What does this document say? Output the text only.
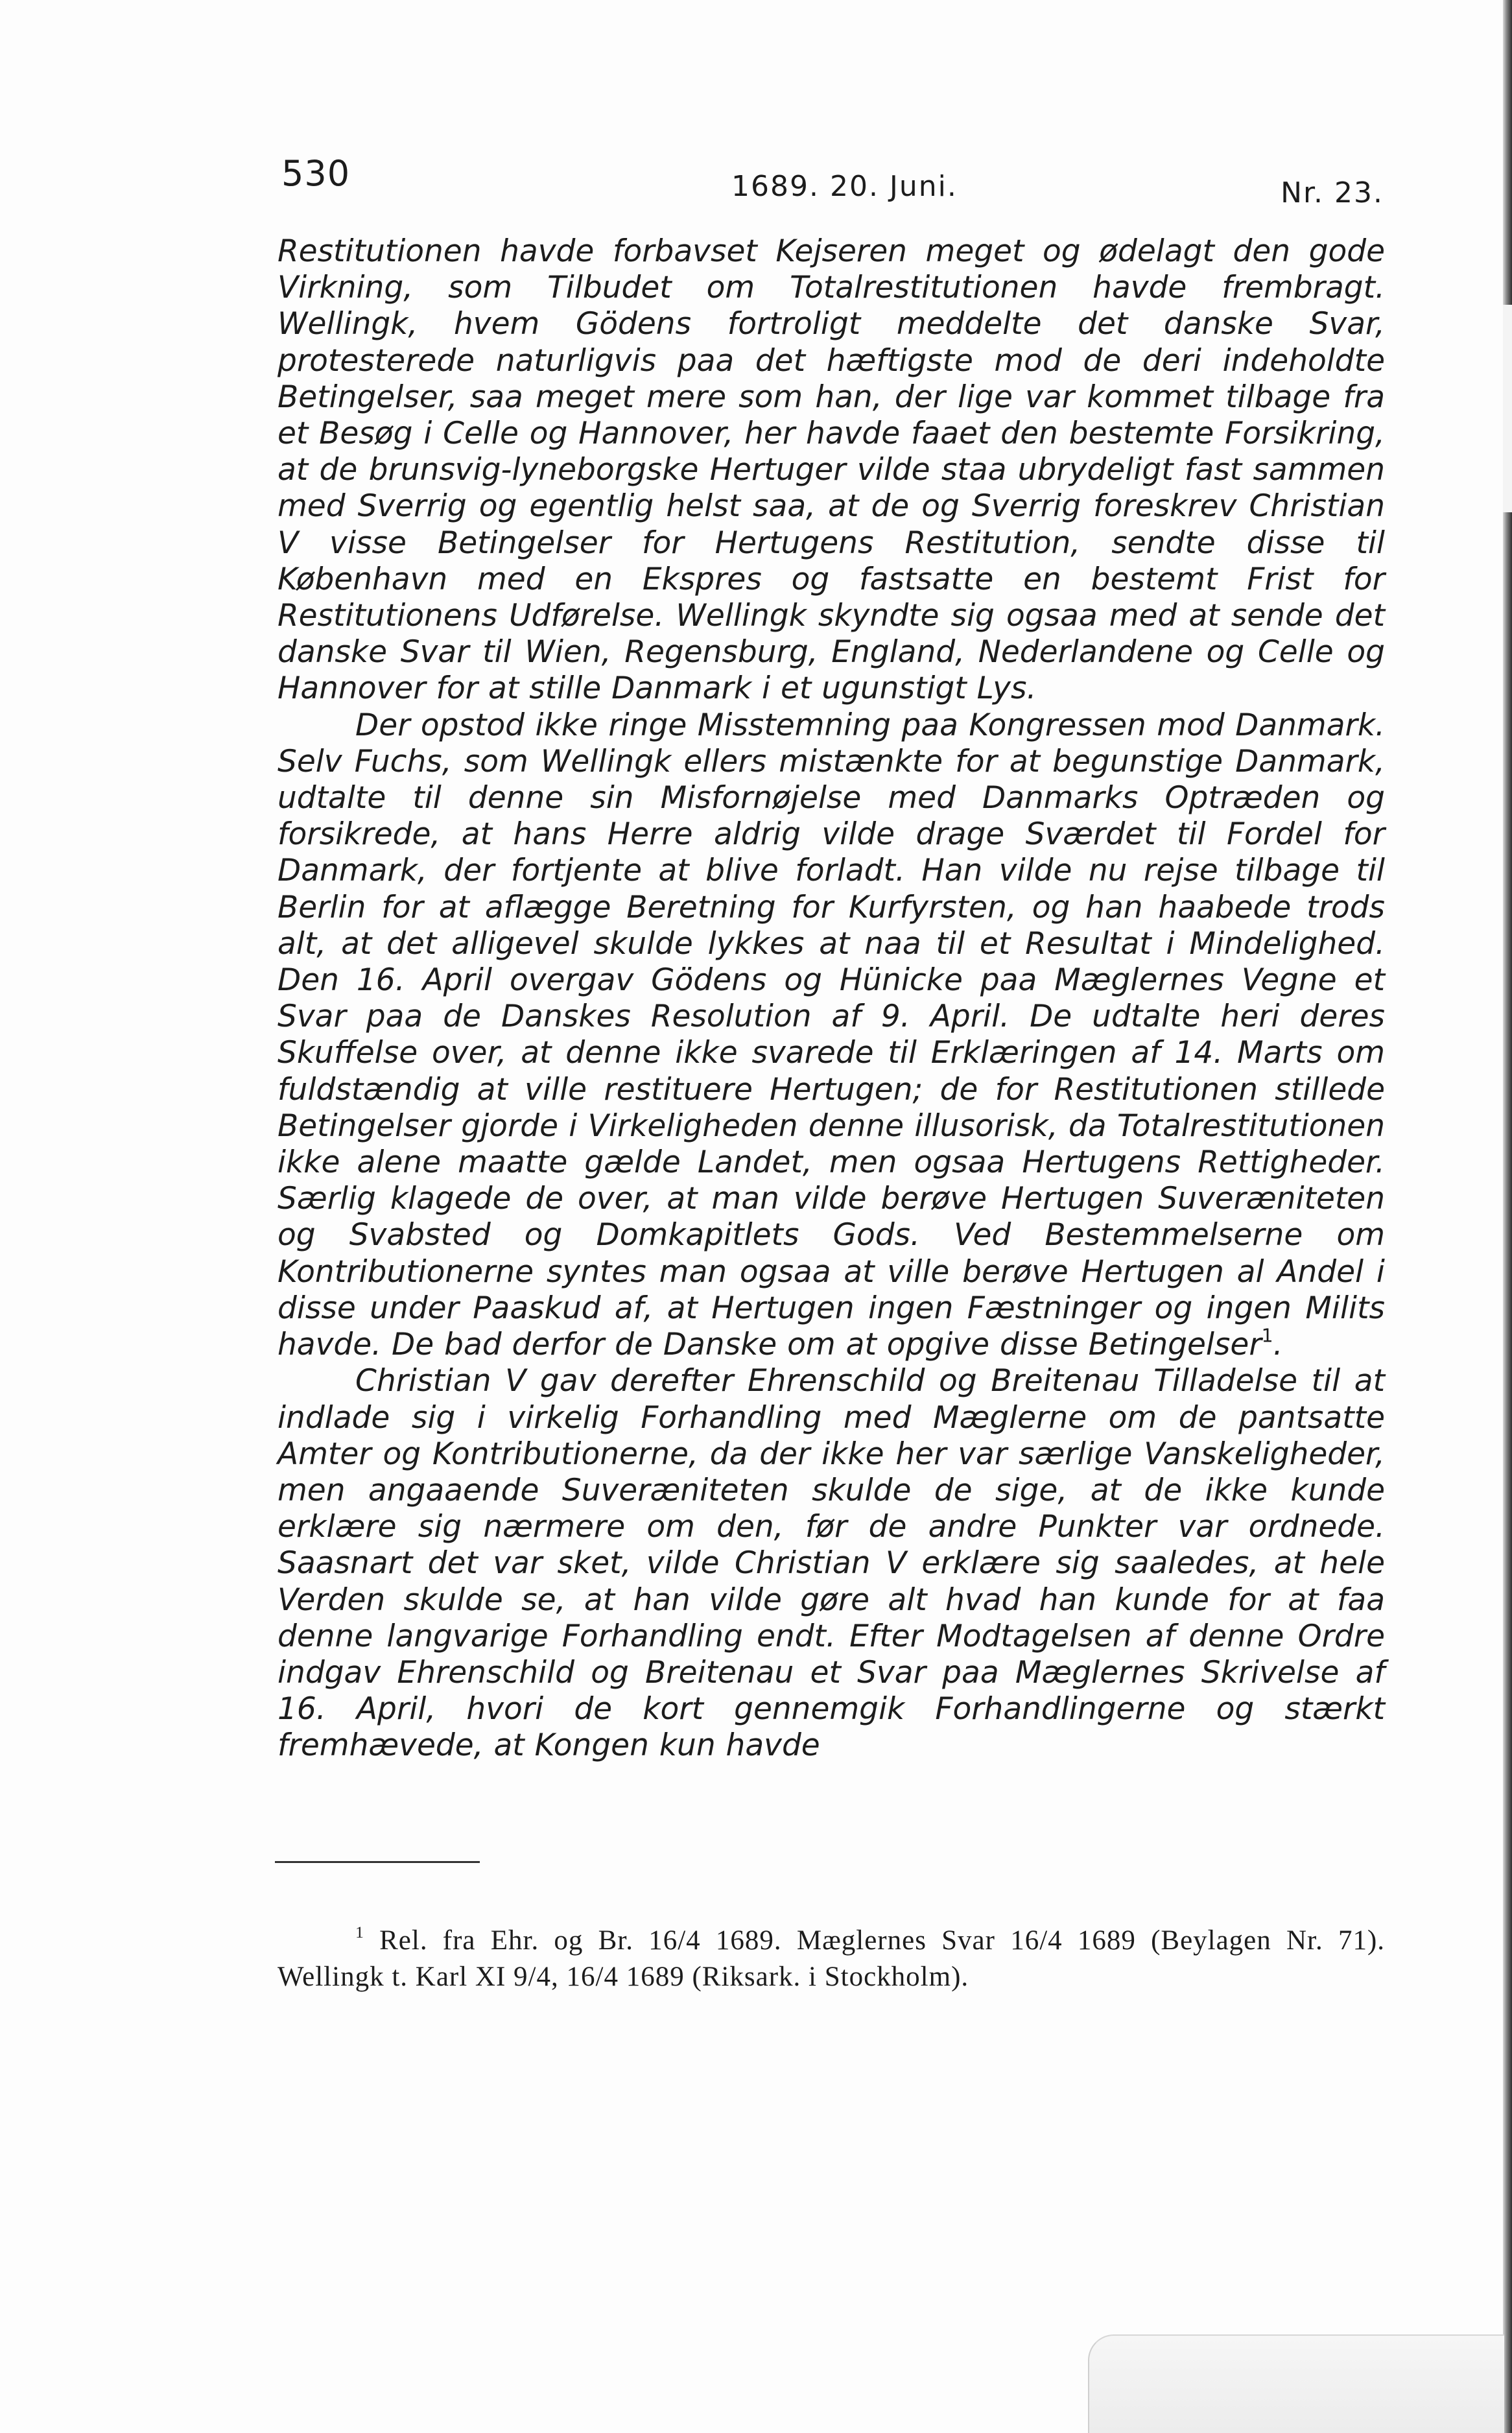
530	1689. 20. Juni.	Nr. 23.

Restitutionen havde forbavset Kejseren meget og ødelagt den gode Virkning, som Tilbudet om Totalrestitutionen havde frembragt. Wellingk, hvem Gödens fortroligt meddelte det danske Svar, protesterede naturligvis paa det hæftigste mod de deri indeholdte Betingelser, saa meget mere som han, der lige var kommet tilbage fra et Besøg i Celle og Hannover, her havde faaet den bestemte Forsikring, at de brunsvig-lyneborgske Hertuger vilde staa ubrydeligt fast sammen med Sverrig og egentlig helst saa, at de og Sverrig foreskrev Christian V visse Betingelser for Hertugens Restitution, sendte disse til København med en Ekspres og fastsatte en bestemt Frist for Restitutionens Udførelse. Wellingk skyndte sig ogsaa med at sende det danske Svar til Wien, Regensburg, England, Nederlandene og Celle og Hannover for at stille Danmark i et ugunstigt Lys.

Der opstod ikke ringe Misstemning paa Kongressen mod Danmark. Selv Fuchs, som Wellingk ellers mistænkte for at begunstige Danmark, udtalte til denne sin Misfornøjelse med Danmarks Optræden og forsikrede, at hans Herre aldrig vilde drage Sværdet til Fordel for Danmark, der fortjente at blive forladt. Han vilde nu rejse tilbage til Berlin for at aflægge Beretning for Kurfyrsten, og han haabede trods alt, at det alligevel skulde lykkes at naa til et Resultat i Mindelighed. Den 16. April overgav Gödens og Hünicke paa Mæglernes Vegne et Svar paa de Danskes Resolution af 9. April. De udtalte heri deres Skuffelse over, at denne ikke svarede til Erklæringen af 14. Marts om fuldstændig at ville restituere Hertugen; de for Restitutionen stillede Betingelser gjorde i Virkeligheden denne illusorisk, da Totalrestitutionen ikke alene maatte gælde Landet, men ogsaa Hertugens Rettigheder. Særlig klagede de over, at man vilde berøve Hertugen Suveræniteten og Svabsted og Domkapitlets Gods. Ved Bestemmelserne om Kontributionerne syntes man ogsaa at ville berøve Hertugen al Andel i disse under Paaskud af, at Hertugen ingen Fæstninger og ingen Milits havde. De bad derfor de Danske om at opgive disse Betingelser$^1$.

Christian V gav derefter Ehrenschild og Breitenau Tilladelse til at indlade sig i virkelig Forhandling med Mæglerne om de pantsatte Amter og Kontributionerne, da der ikke her var særlige Vanskeligheder, men angaaende Suveræniteten skulde de sige, at de ikke kunde erklære sig nærmere om den, før de andre Punkter var ordnede. Saasnart det var sket, vilde Christian V erklære sig saaledes, at hele Verden skulde se, at han vilde gøre alt hvad han kunde for at faa denne langvarige Forhandling endt. Efter Modtagelsen af denne Ordre indgav Ehrenschild og Breitenau et Svar paa Mæglernes Skrivelse af 16. April, hvori de kort gennemgik Forhandlingerne og stærkt fremhævede, at Kongen kun havde

$^1$ Rel. fra Ehr. og Br. 16/4 1689. Mæglernes Svar 16/4 1689 (Beylagen Nr. 71). Wellingk t. Karl XI 9/4, 16/4 1689 (Riksark. i Stockholm).
